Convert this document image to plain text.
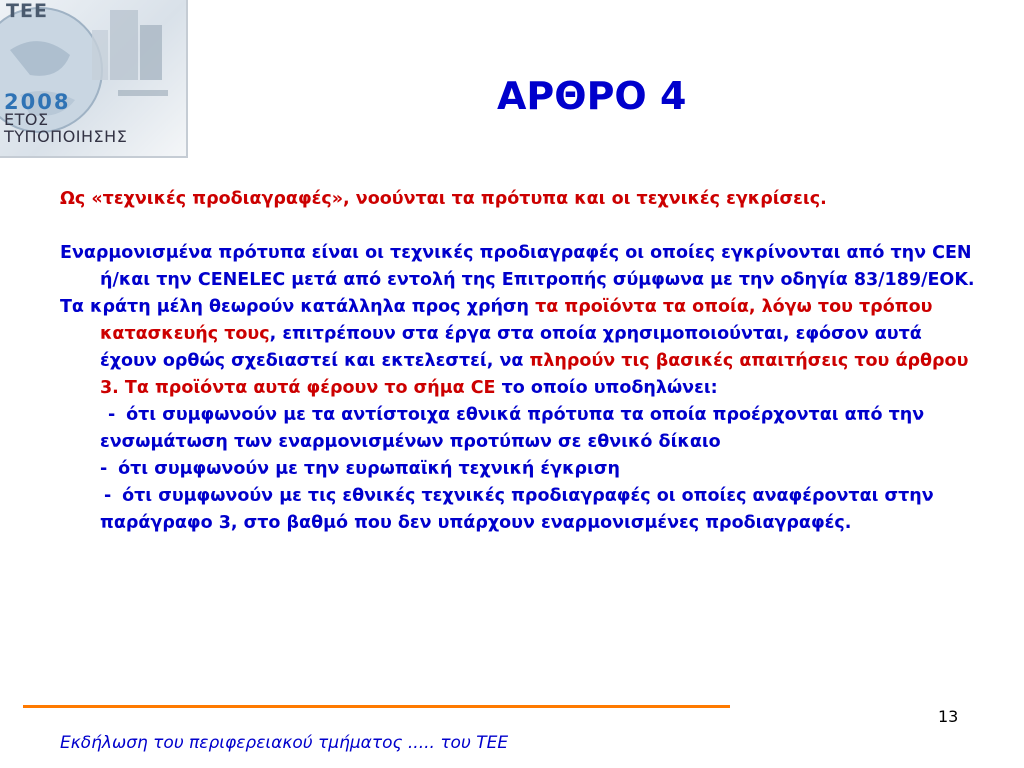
ΤΕΕ
2008
ΕΤΟΣ
ΤΥΠΟΠΟΙΗΣΗΣ
ΑΡΘΡΟ 4

Ως «τεχνικές προδιαγραφές», νοούνται τα πρότυπα και οι τεχνικές εγκρίσεις.

Εναρμονισμένα πρότυπα είναι οι τεχνικές προδιαγραφές οι οποίες εγκρίνονται από την CEN ή/και την CENELEC μετά από εντολή της Επιτροπής σύμφωνα με την οδηγία 83/189/ΕΟΚ.

Τα κράτη μέλη θεωρούν κατάλληλα προς χρήση τα προϊόντα τα οποία, λόγω του τρόπου κατασκευής τους, επιτρέπουν στα έργα στα οποία χρησιμοποιούνται, εφόσον αυτά έχουν ορθώς σχεδιαστεί και εκτελεστεί, να πληρούν τις βασικές απαιτήσεις του άρθρου 3. Τα προϊόντα αυτά φέρουν το σήμα CE το οποίο υποδηλώνει:

- ότι συμφωνούν με τα αντίστοιχα εθνικά πρότυπα τα οποία προέρχονται από την ενσωμάτωση των εναρμονισμένων προτύπων σε εθνικό δίκαιο

- ότι συμφωνούν με την ευρωπαϊκή τεχνική έγκριση

- ότι συμφωνούν με τις εθνικές τεχνικές προδιαγραφές οι οποίες αναφέρονται στην παράγραφο 3, στο βαθμό που δεν υπάρχουν εναρμονισμένες προδιαγραφές.

13
Εκδήλωση του περιφερειακού τμήματος ..... του ΤΕΕ
